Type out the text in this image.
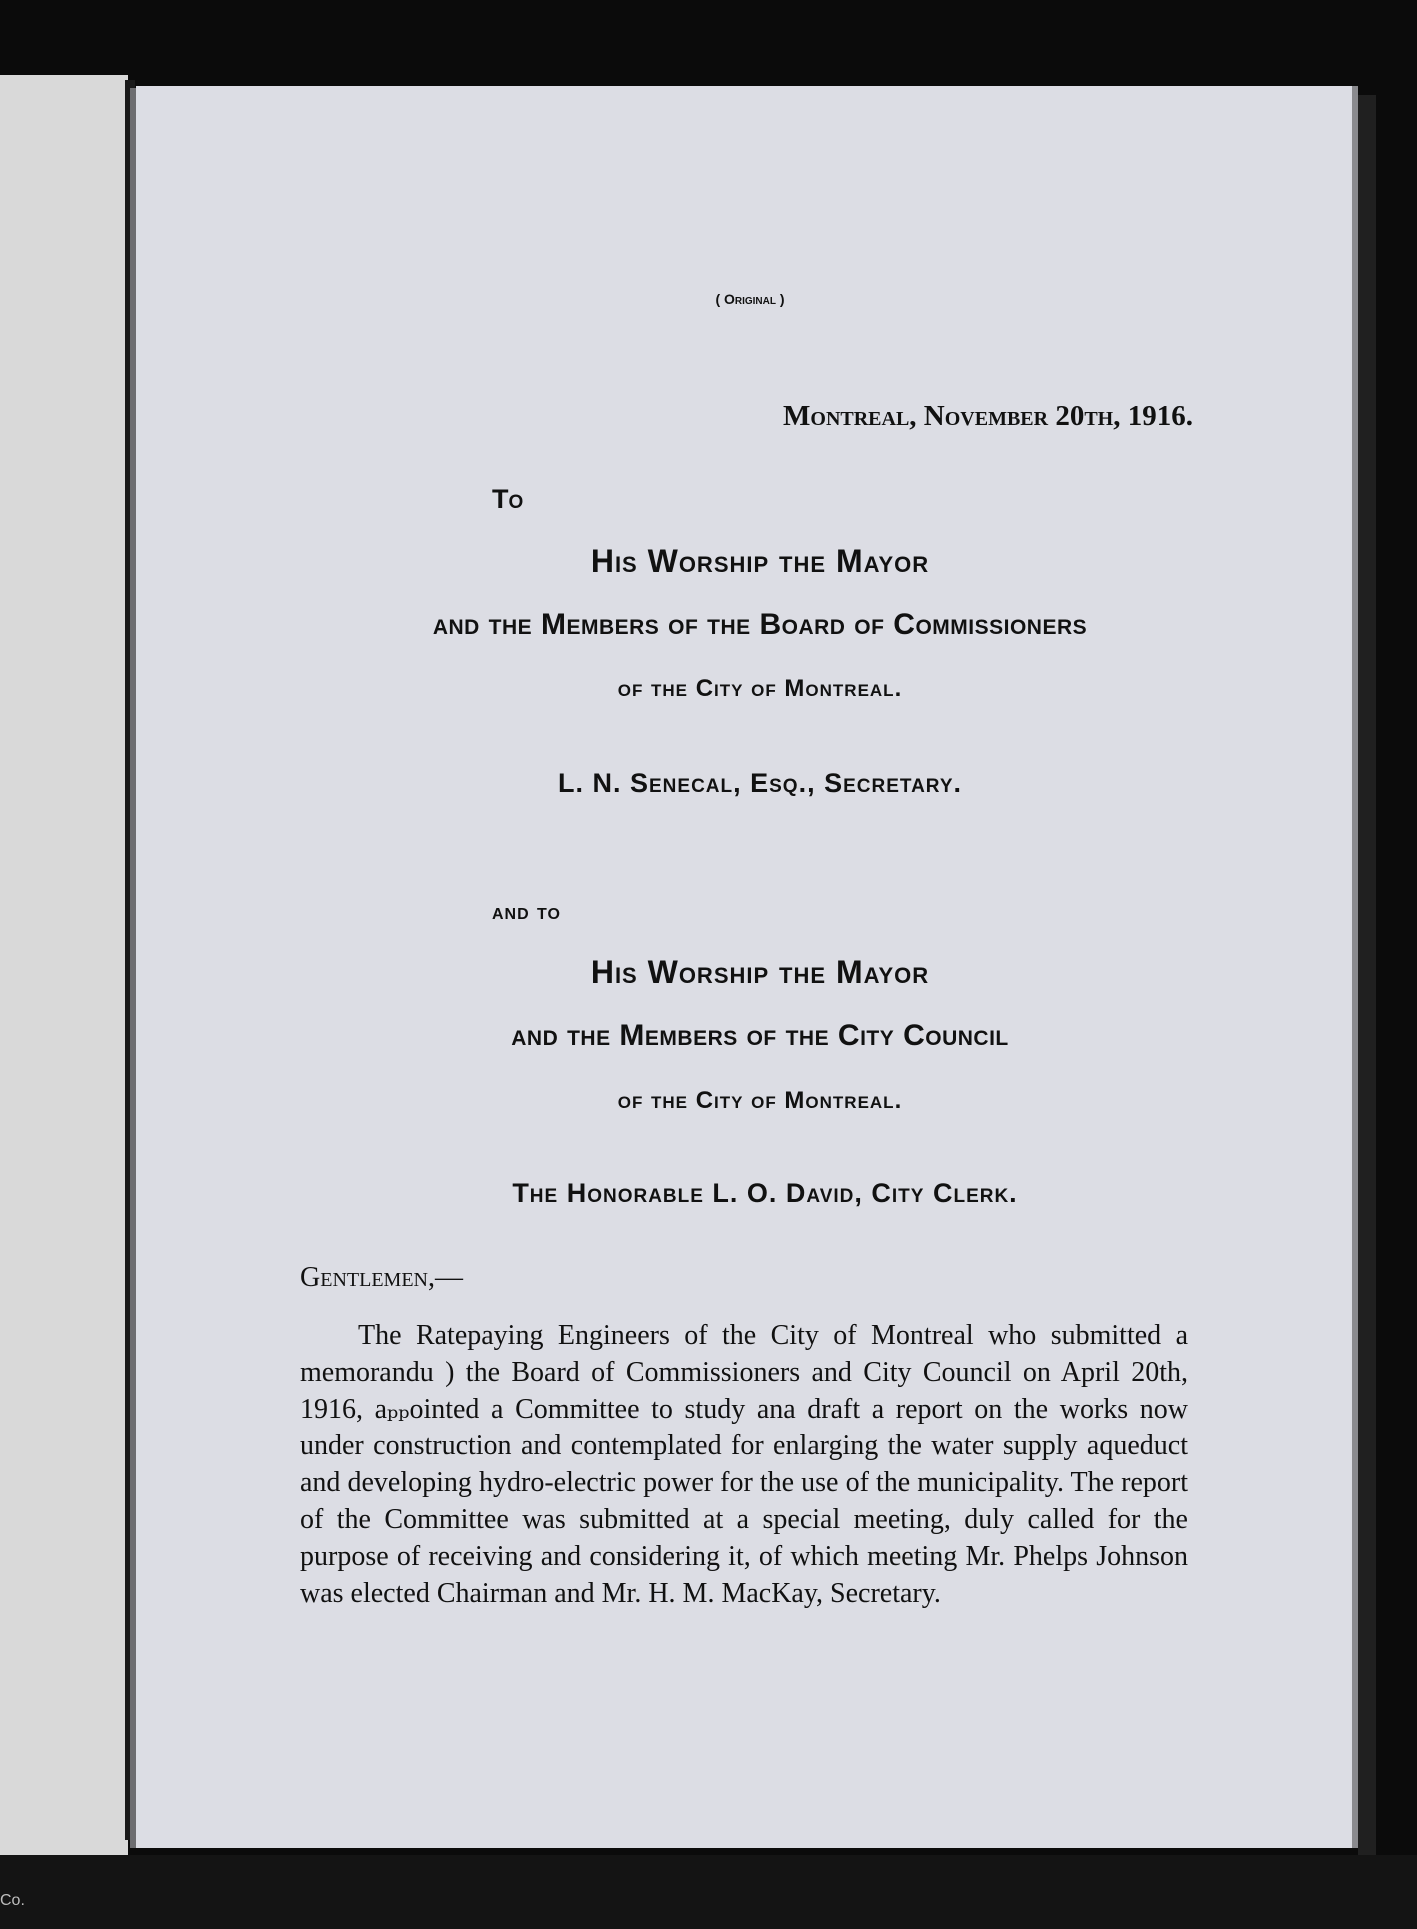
( Original )
Montreal, November 20th, 1916.
To
His Worship the Mayor
and the Members of the Board of Commissioners
of the City of Montreal.
L. N. Senecal, Esq., Secretary.
and to
His Worship the Mayor
and the Members of the City Council
of the City of Montreal.
The Honorable L. O. David, City Clerk.
Gentlemen,—
The Ratepaying Engineers of the City of Montreal who submitted a memorandu ) the Board of Commissioners and City Council on April 20th, 1916, aₚₚointed a Committee to study ana draft a report on the works now under construction and contemplated for enlarging the water supply aqueduct and developing hydro-electric power for the use of the municipality. The report of the Committee was submitted at a special meeting, duly called for the purpose of receiving and considering it, of which meeting Mr. Phelps Johnson was elected Chairman and Mr. H. M. MacKay, Secretary.
Co.
